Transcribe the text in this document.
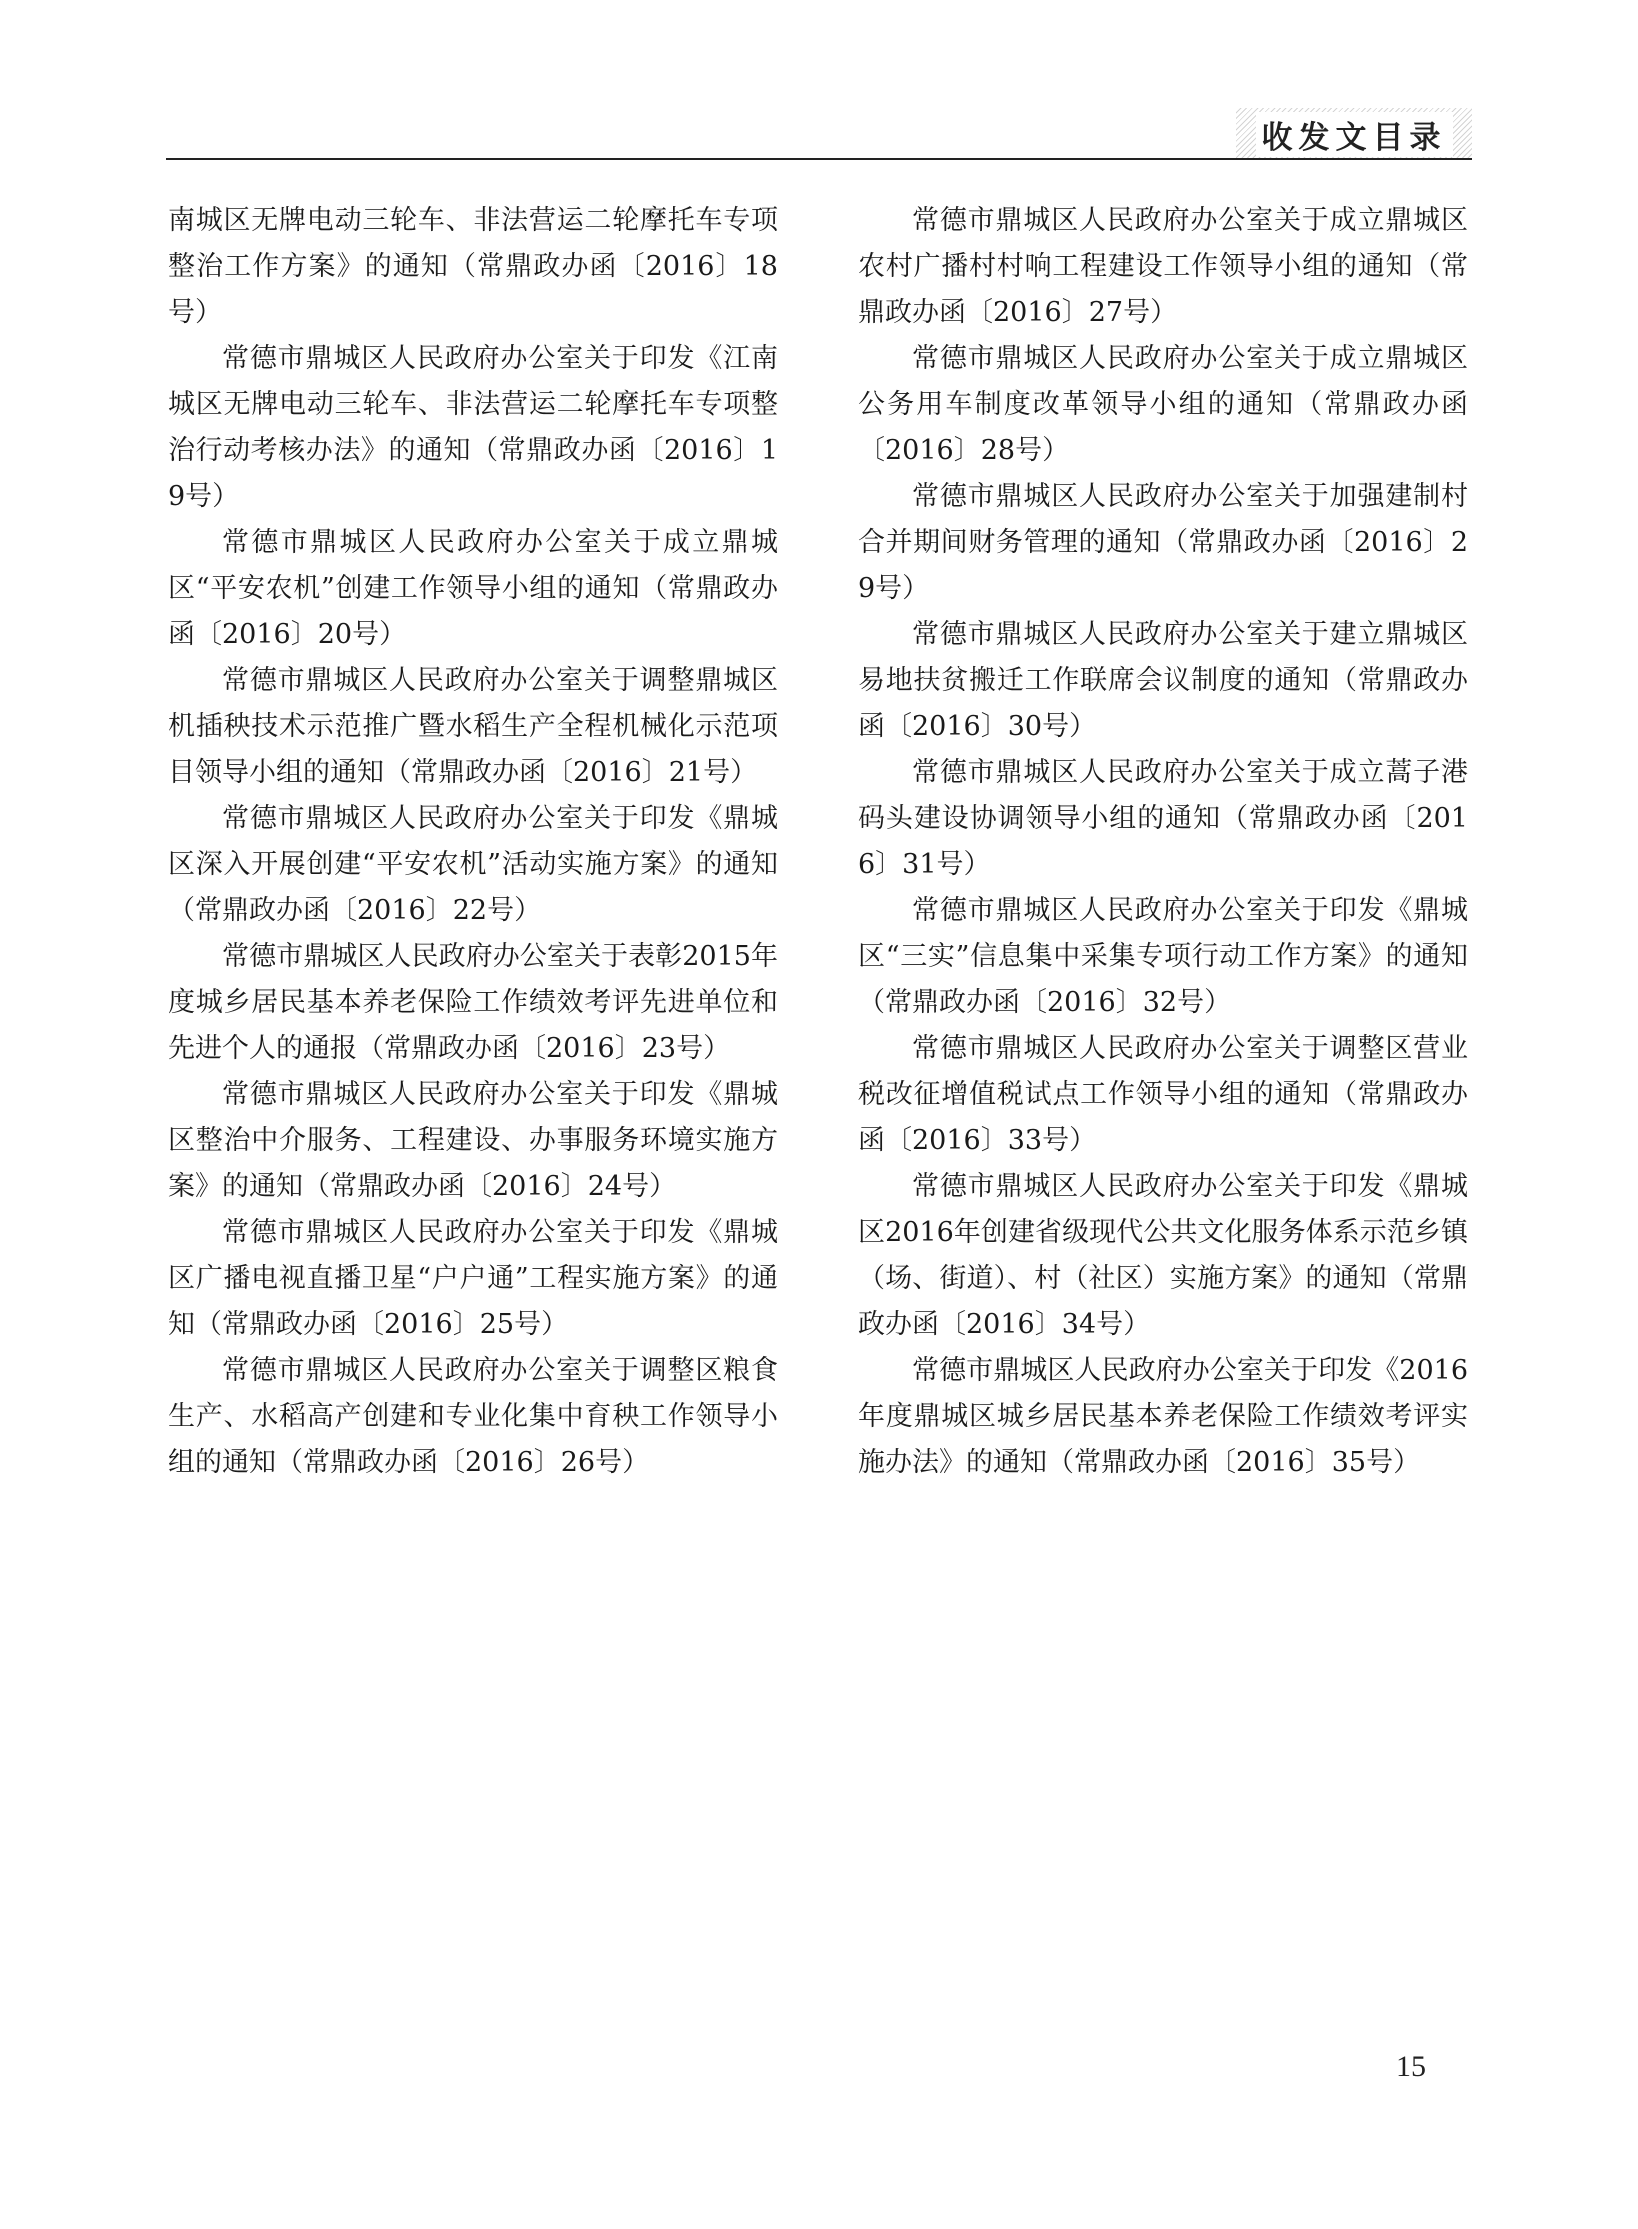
收发文目录

南城区无牌电动三轮车、非法营运二轮摩托车专项整治工作方案》的通知（常鼎政办函〔2016〕18号）

常德市鼎城区人民政府办公室关于印发《江南城区无牌电动三轮车、非法营运二轮摩托车专项整治行动考核办法》的通知（常鼎政办函〔2016〕19号）

常德市鼎城区人民政府办公室关于成立鼎城区“平安农机”创建工作领导小组的通知（常鼎政办函〔2016〕20号）

常德市鼎城区人民政府办公室关于调整鼎城区机插秧技术示范推广暨水稻生产全程机械化示范项目领导小组的通知（常鼎政办函〔2016〕21号）

常德市鼎城区人民政府办公室关于印发《鼎城区深入开展创建“平安农机”活动实施方案》的通知（常鼎政办函〔2016〕22号）

常德市鼎城区人民政府办公室关于表彰2015年度城乡居民基本养老保险工作绩效考评先进单位和先进个人的通报（常鼎政办函〔2016〕23号）

常德市鼎城区人民政府办公室关于印发《鼎城区整治中介服务、工程建设、办事服务环境实施方案》的通知（常鼎政办函〔2016〕24号）

常德市鼎城区人民政府办公室关于印发《鼎城区广播电视直播卫星“户户通”工程实施方案》的通知（常鼎政办函〔2016〕25号）

常德市鼎城区人民政府办公室关于调整区粮食生产、水稻高产创建和专业化集中育秧工作领导小组的通知（常鼎政办函〔2016〕26号）

常德市鼎城区人民政府办公室关于成立鼎城区农村广播村村响工程建设工作领导小组的通知（常鼎政办函〔2016〕27号）

常德市鼎城区人民政府办公室关于成立鼎城区公务用车制度改革领导小组的通知（常鼎政办函〔2016〕28号）

常德市鼎城区人民政府办公室关于加强建制村合并期间财务管理的通知（常鼎政办函〔2016〕29号）

常德市鼎城区人民政府办公室关于建立鼎城区易地扶贫搬迁工作联席会议制度的通知（常鼎政办函〔2016〕30号）

常德市鼎城区人民政府办公室关于成立蒿子港码头建设协调领导小组的通知（常鼎政办函〔2016〕31号）

常德市鼎城区人民政府办公室关于印发《鼎城区“三实”信息集中采集专项行动工作方案》的通知（常鼎政办函〔2016〕32号）

常德市鼎城区人民政府办公室关于调整区营业税改征增值税试点工作领导小组的通知（常鼎政办函〔2016〕33号）

常德市鼎城区人民政府办公室关于印发《鼎城区2016年创建省级现代公共文化服务体系示范乡镇（场、街道）、村（社区）实施方案》的通知（常鼎政办函〔2016〕34号）

常德市鼎城区人民政府办公室关于印发《2016年度鼎城区城乡居民基本养老保险工作绩效考评实施办法》的通知（常鼎政办函〔2016〕35号）

15
